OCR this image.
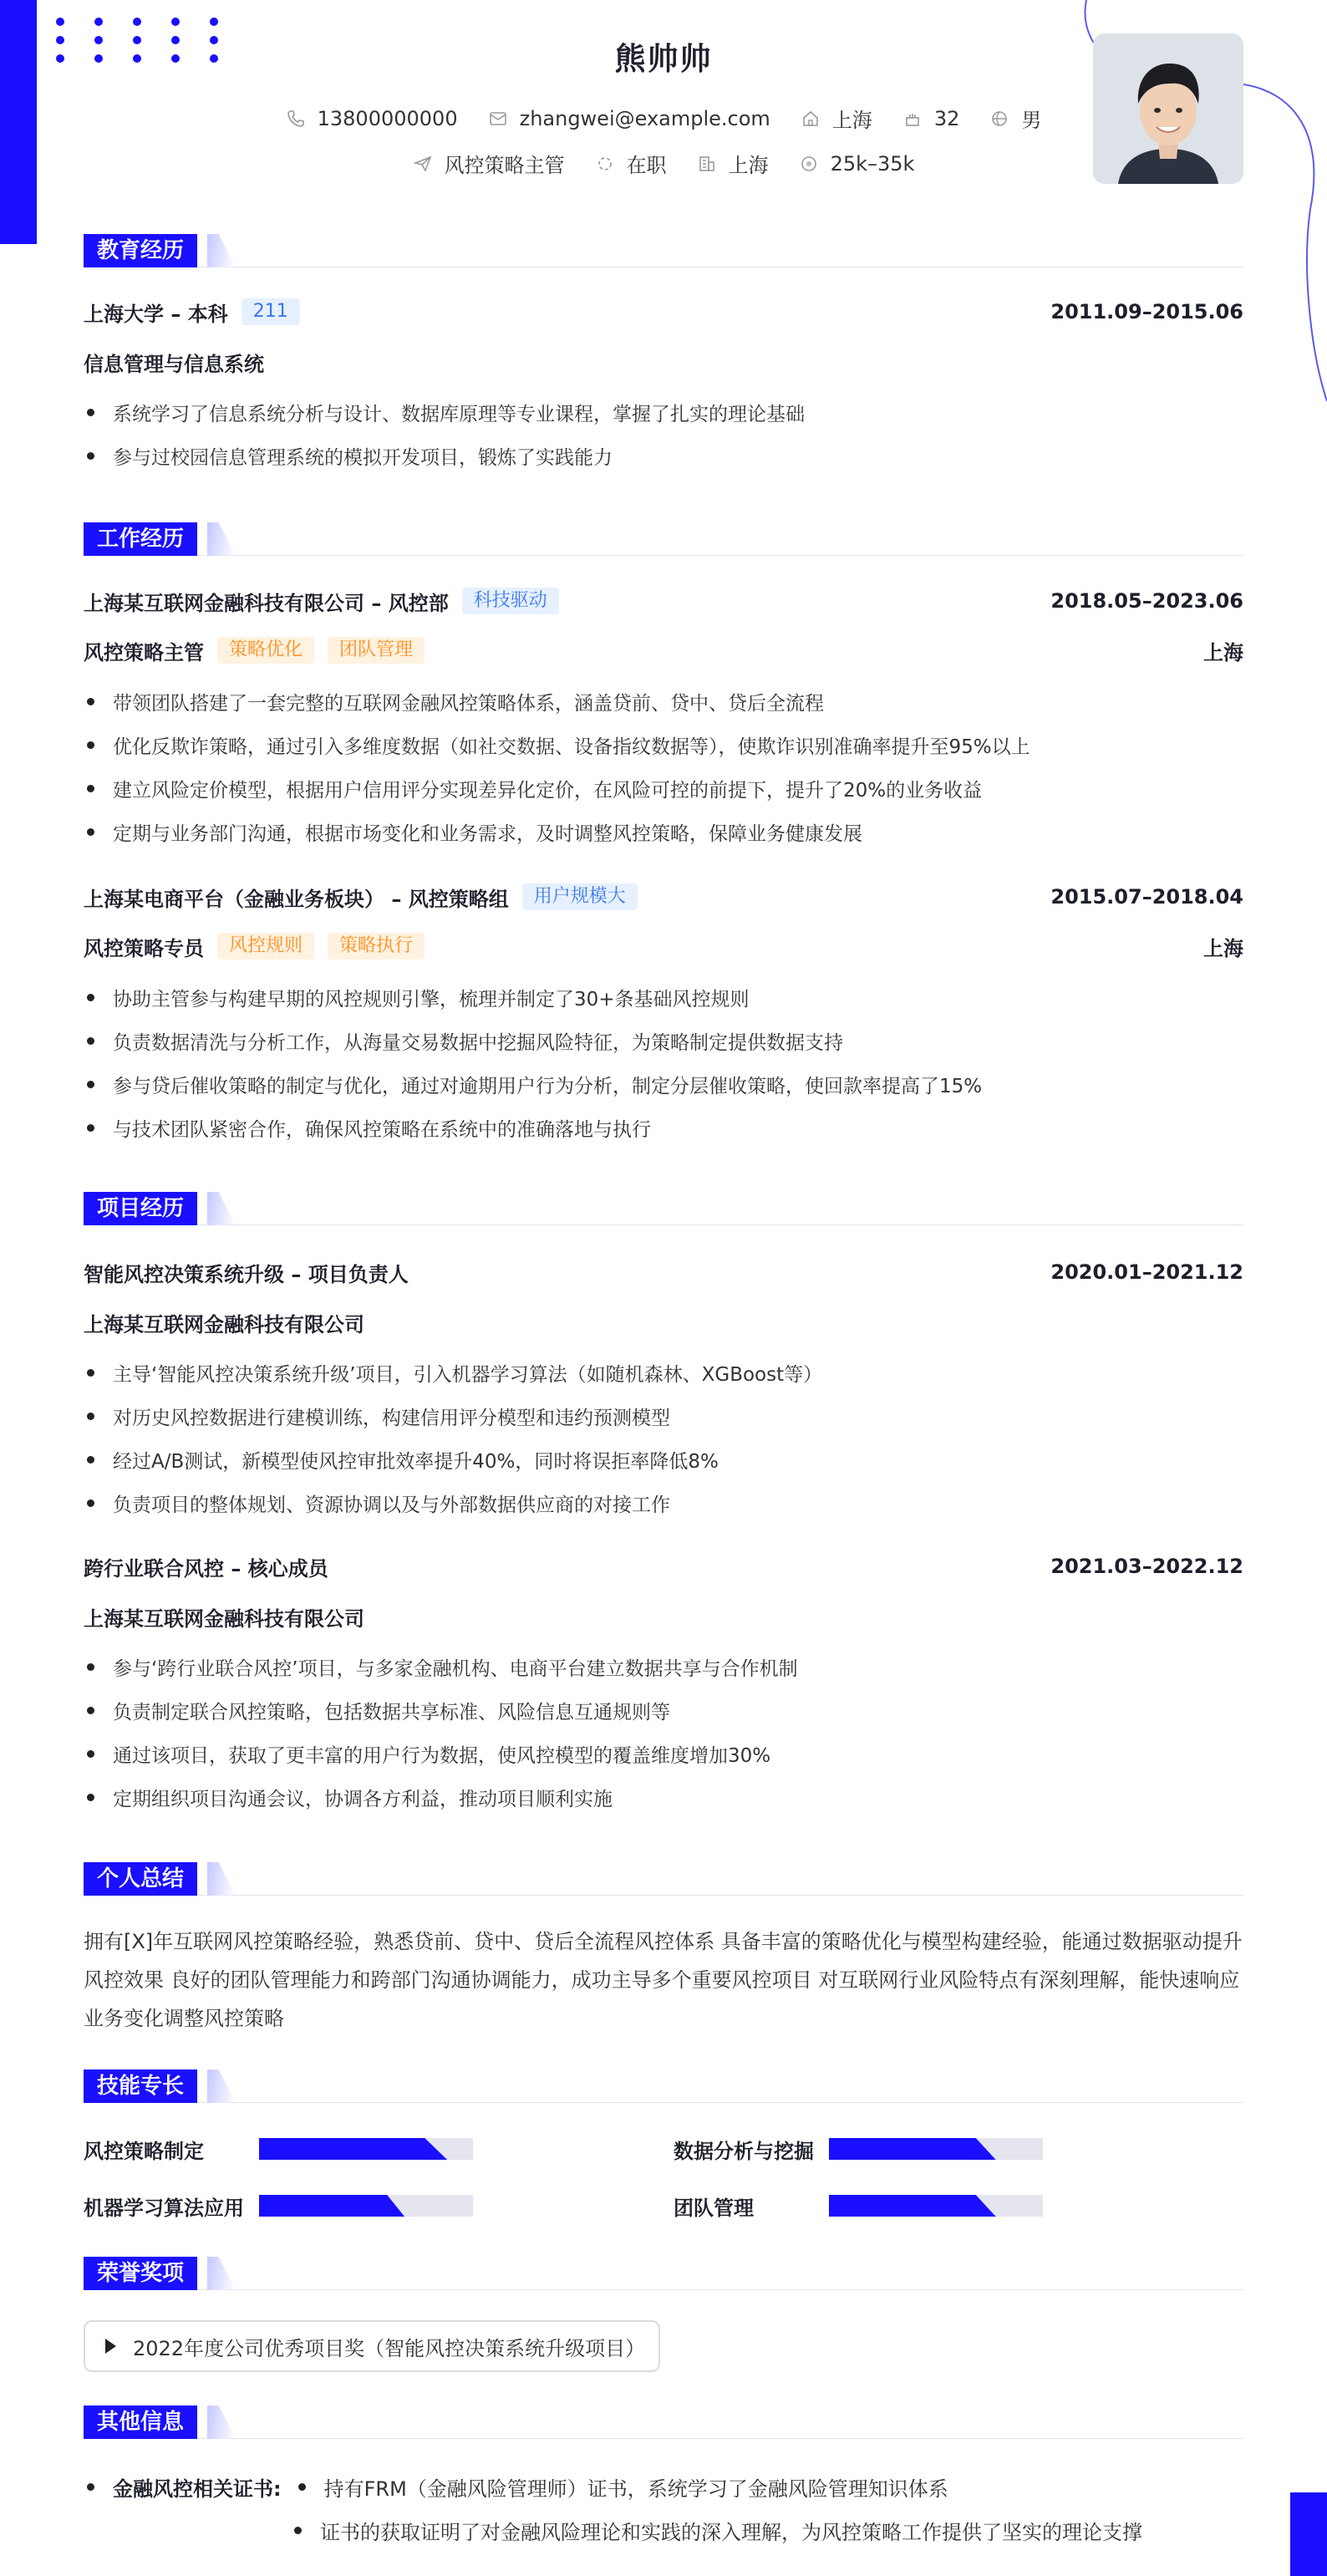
熊帅帅
13800000000	zhangwei@example.com	上海	32	男
风控策略主管	在职	上海	25k–35k
教育经历
上海大学 – 本科	211	2011.09–2015.06
信息管理与信息系统
系统学习了信息系统分析与设计、数据库原理等专业课程，掌握了扎实的理论基础
参与过校园信息管理系统的模拟开发项目，锻炼了实践能力
工作经历
上海某互联网金融科技有限公司 – 风控部	科技驱动	2018.05–2023.06
风控策略主管	策略优化	团队管理	上海
带领团队搭建了一套完整的互联网金融风控策略体系，涵盖贷前、贷中、贷后全流程
优化反欺诈策略，通过引入多维度数据（如社交数据、设备指纹数据等），使欺诈识别准确率提升至95%以上
建立风险定价模型，根据用户信用评分实现差异化定价，在风险可控的前提下，提升了20%的业务收益
定期与业务部门沟通，根据市场变化和业务需求，及时调整风控策略，保障业务健康发展
上海某电商平台（金融业务板块） – 风控策略组	用户规模大	2015.07–2018.04
风控策略专员	风控规则	策略执行	上海
协助主管参与构建早期的风控规则引擎，梳理并制定了30+条基础风控规则
负责数据清洗与分析工作，从海量交易数据中挖掘风险特征，为策略制定提供数据支持
参与贷后催收策略的制定与优化，通过对逾期用户行为分析，制定分层催收策略，使回款率提高了15%
与技术团队紧密合作，确保风控策略在系统中的准确落地与执行
项目经历
智能风控决策系统升级 – 项目负责人	2020.01–2021.12
上海某互联网金融科技有限公司
主导‘智能风控决策系统升级’项目，引入机器学习算法（如随机森林、XGBoost等）
对历史风控数据进行建模训练，构建信用评分模型和违约预测模型
经过A/B测试，新模型使风控审批效率提升40%，同时将误拒率降低8%
负责项目的整体规划、资源协调以及与外部数据供应商的对接工作
跨行业联合风控 – 核心成员	2021.03–2022.12
上海某互联网金融科技有限公司
参与‘跨行业联合风控’项目，与多家金融机构、电商平台建立数据共享与合作机制
负责制定联合风控策略，包括数据共享标准、风险信息互通规则等
通过该项目，获取了更丰富的用户行为数据，使风控模型的覆盖维度增加30%
定期组织项目沟通会议，协调各方利益，推动项目顺利实施
个人总结
拥有[X]年互联网风控策略经验，熟悉贷前、贷中、贷后全流程风控体系 具备丰富的策略优化与模型构建经验，能通过数据驱动提升
风控效果 良好的团队管理能力和跨部门沟通协调能力，成功主导多个重要风控项目 对互联网行业风险特点有深刻理解，能快速响应
业务变化调整风控策略
技能专长
风控策略制定	数据分析与挖掘
机器学习算法应用	团队管理
荣誉奖项
2022年度公司优秀项目奖（智能风控决策系统升级项目）
其他信息
金融风控相关证书: 持有FRM（金融风险管理师）证书，系统学习了金融风险管理知识体系
证书的获取证明了对金融风险理论和实践的深入理解，为风控策略工作提供了坚实的理论支撑
